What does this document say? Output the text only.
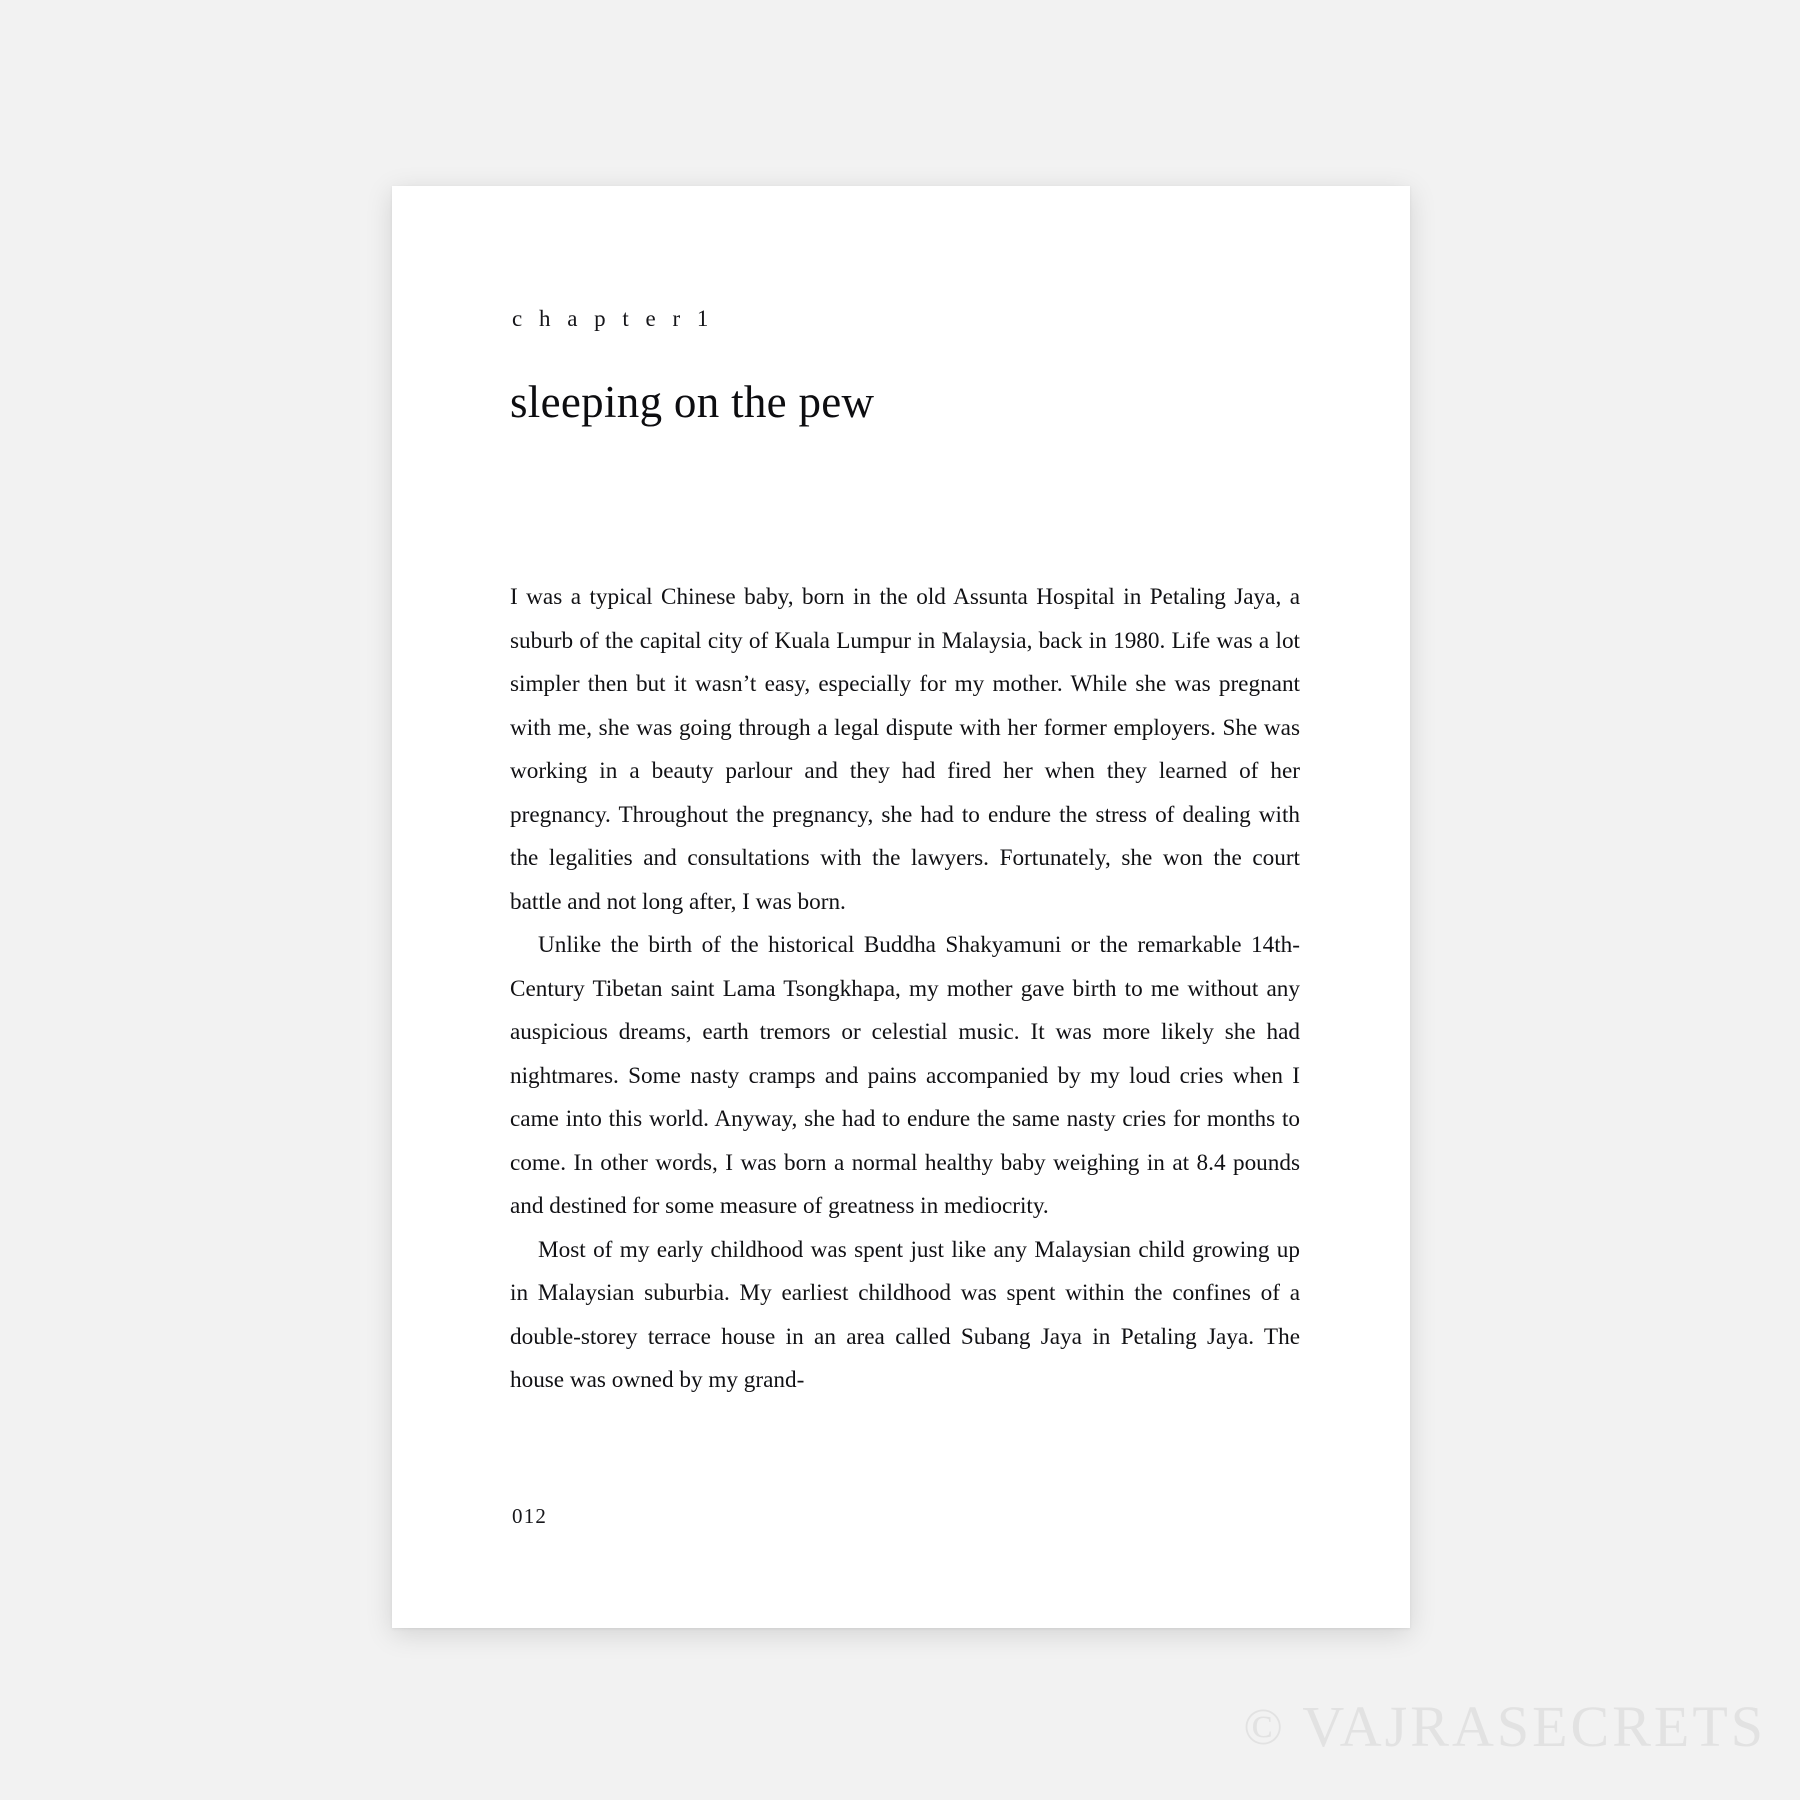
c h a p t e r 1
sleeping on the pew

I was a typical Chinese baby, born in the old Assunta Hospital in Petaling Jaya, a suburb of the capital city of Kuala Lumpur in Malaysia, back in 1980. Life was a lot simpler then but it wasn’t easy, especially for my mother. While she was pregnant with me, she was going through a legal dispute with her former employers. She was working in a beauty parlour and they had fired her when they learned of her pregnancy. Throughout the pregnancy, she had to endure the stress of dealing with the legalities and consultations with the lawyers. Fortunately, she won the court battle and not long after, I was born.

Unlike the birth of the historical Buddha Shakyamuni or the remarkable 14th-Century Tibetan saint Lama Tsongkhapa, my mother gave birth to me without any auspicious dreams, earth tremors or celestial music. It was more likely she had nightmares. Some nasty cramps and pains accompanied by my loud cries when I came into this world. Anyway, she had to endure the same nasty cries for months to come. In other words, I was born a normal healthy baby weighing in at 8.4 pounds and destined for some measure of greatness in mediocrity.

Most of my early childhood was spent just like any Malaysian child growing up in Malaysian suburbia. My earliest childhood was spent within the confines of a double-storey terrace house in an area called Subang Jaya in Petaling Jaya. The house was owned by my grand-

012
© VAJRASECRETS
